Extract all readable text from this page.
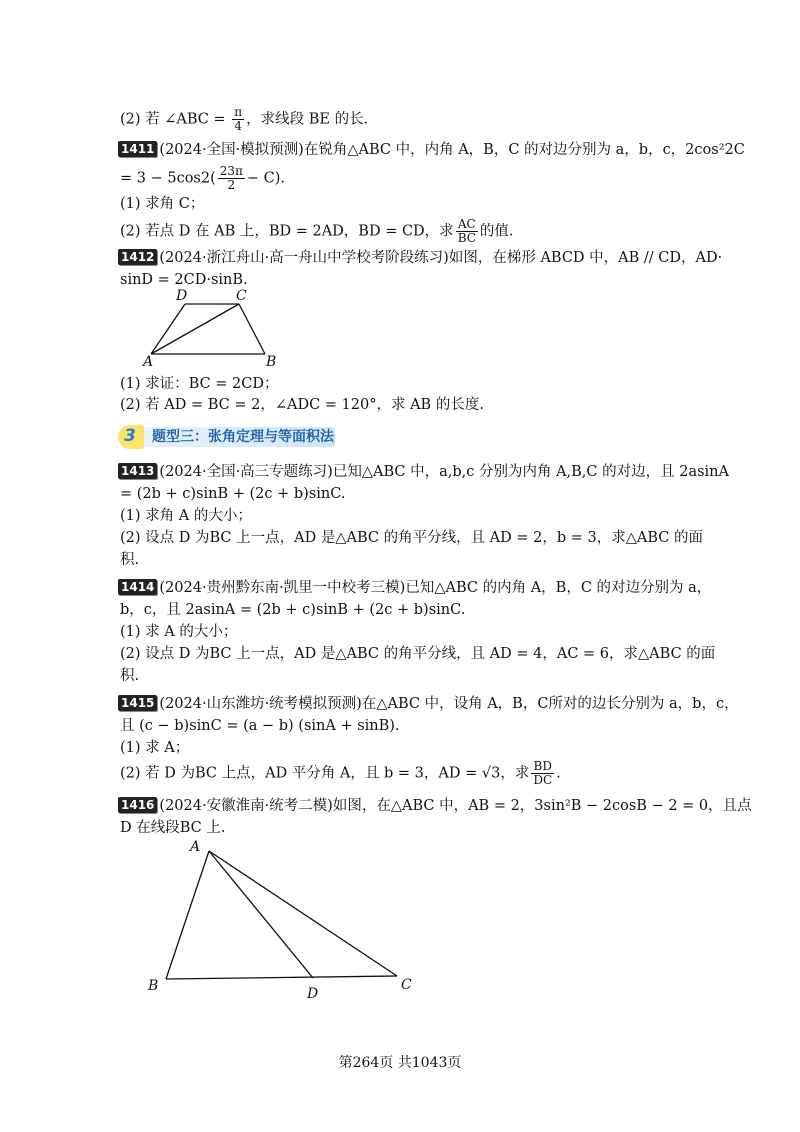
(2) 若 ∠ABC = $\frac{\pi}{4}$ ，求线段 BE 的长.
1411 (2024·全国·模拟预测)在锐角△ABC 中，内角 A，B，C 的对边分别为 a，b，c，2cos²2C
= $3 - 5\cos 2( \frac{23\pi}{2} - C)$.
(1) 求角 C；
(2) 若点 D 在 AB 上，BD = 2AD，BD = CD，求 $\frac{AC}{BC}$ 的值.
1412 (2024·浙江舟山·高一舟山中学校考阶段练习)如图，在梯形 ABCD 中，AB // CD，AD·
sinD = 2CD·sinB.
A	B
C
D
(1) 求证：BC = 2CD；
(2) 若 AD = BC = 2，∠ADC = 120°，求 AB 的长度.
3 题型三：张角定理与等面积法
1413 (2024·全国·高三专题练习)已知△ABC 中，a,b,c 分别为内角 A,B,C 的对边，且 2asinA
= (2b + c)sinB + (2c + b)sinC.
(1) 求角 A 的大小；
(2) 设点 D 为BC 上一点，AD 是△ABC 的角平分线，且 AD = 2，b = 3，求△ABC 的面
积.
1414 (2024·贵州黔东南·凯里一中校考三模)已知△ABC 的内角 A，B，C 的对边分别为 a，
b，c，且 2asinA = (2b + c)sinB + (2c + b)sinC.
(1) 求 A 的大小；
(2) 设点 D 为BC 上一点，AD 是△ABC 的角平分线，且 AD = 4，AC = 6，求△ABC 的面
积.
1415 (2024·山东潍坊·统考模拟预测)在△ABC 中，设角 A，B，C所对的边长分别为 a，b，c，
且 (c − b)sinC = (a − b) (sinA + sinB).
(1) 求 A；
(2) 若 D 为BC 上点，AD 平分角 A，且 b = 3，AD = √3，求 $\frac{BD}{DC}$ .
1416 (2024·安徽淮南·统考二模)如图，在△ABC 中，AB = 2，3sin²B − 2cosB − 2 = 0，且点
D 在线段BC 上.
A
B	C
D
第264页 共1043页
